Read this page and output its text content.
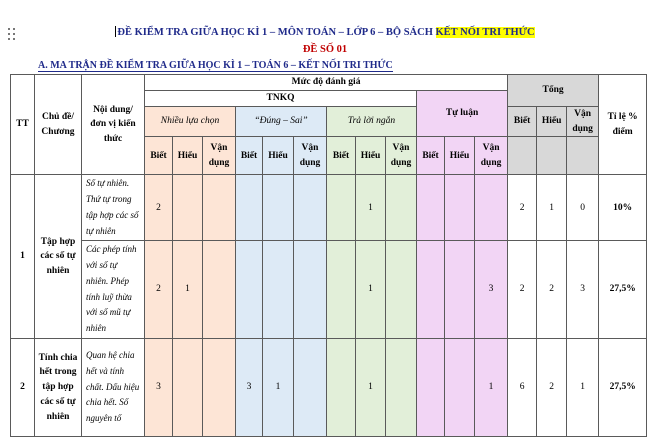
ĐỀ KIỂM TRA GIỮA HỌC KÌ 1 – MÔN TOÁN – LỚP 6 – BỘ SÁCH KẾT NỐI TRI THỨC
ĐỀ SỐ 01
A. MA TRẬN ĐỀ KIỂM TRA GIỮA HỌC KÌ 1 – TOÁN 6 – KẾT NỐI TRI THỨC
TT	Chủ đề/ Chương	Nội dung/ đơn vị kiến thức	Mức độ đánh giá												Tổng			Tỉ lệ % điểm
			TNKQ									Tự luận						
			Nhiều lựa chọn			“Đúng – Sai”			Trả lời ngắn						Biết	Hiểu	Vận dụng	
			Biết	Hiểu	Vận dụng	Biết	Hiểu	Vận dụng	Biết	Hiểu	Vận dụng	Biết	Hiểu	Vận dụng				
1	Tập hợp các số tự nhiên	Số tự nhiên. Thứ tự trong tập hợp các số tự nhiên	2							1					2	1	0	10%
		Các phép tính với số tự nhiên. Phép tính luỹ thừa với số mũ tự nhiên	2	1						1				3	2	2	3	27,5%
2	Tính chia hết trong tập hợp các số tự nhiên	Quan hệ chia hết và tính chất. Dấu hiệu chia hết. Số nguyên tố	3			3	1			1				1	6	2	1	27,5%
